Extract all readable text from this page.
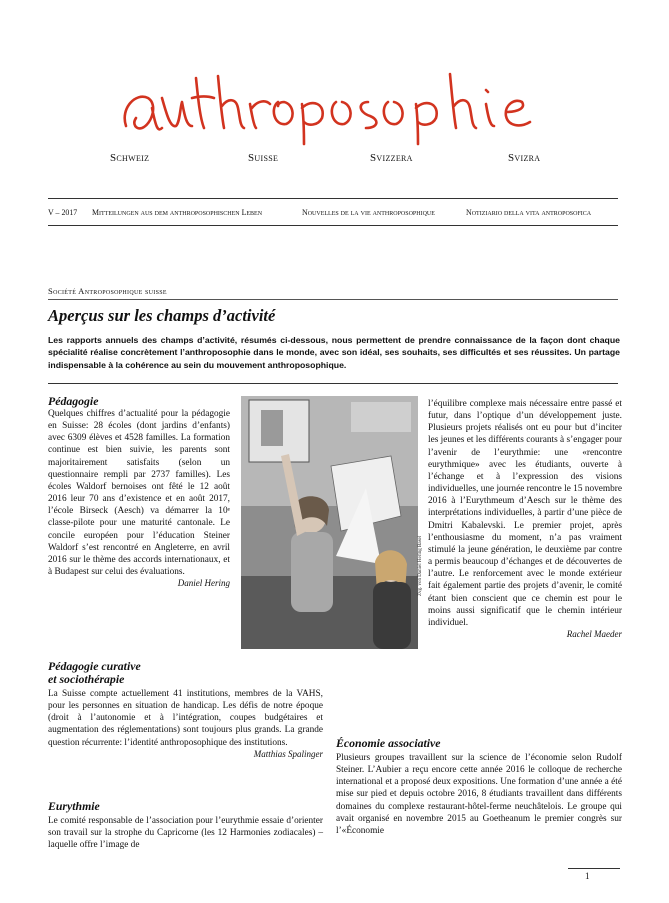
Schweiz	Suisse	Svizzera	Svizra
V – 2017 Mitteilungen aus dem anthroposophischen Leben	Nouvelles de la vie anthroposophique	Notiziario della vita antroposofica
Société Antroposophique suisse
Aperçus sur les champs d’activité

Les rapports annuels des champs d’activité, résumés ci-dessous, nous permettent de prendre connaissance de la façon dont chaque spécialité réalise concrètement l’anthroposophie dans le monde, avec son idéal, ses souhaits, ses difficultés et ses réussites. Un partage indispensable à la cohérence au sein du mouvement anthroposophique.

Pédagogie

Quelques chiffres d’actualité pour la pédagogie en Suisse: 28 écoles (dont jardins d’enfants) avec 6309 élèves et 4528 familles. La formation continue est bien suivie, les parents sont majoritairement satisfaits (selon un questionnaire rempli par 2737 familles). Les écoles Waldorf bernoises ont fêté le 12 août 2016 leur 70 ans d’existence et en août 2017, l’école Birseck (Aesch) va démarrer la 10ᵉ classe-pilote pour une maturité cantonale. Le concile européen pour l’éducation Steiner Waldorf s’est rencontré en Angleterre, en avril 2016 sur le thème des accords internationaux, et à Budapest sur celui des évaluations.

Daniel Hering	Zvg. von Daniel Hering Basel

l’équilibre complexe mais nécessaire entre passé et futur, dans l’optique d’un développement juste. Plusieurs projets réalisés ont eu pour but d’inciter les jeunes et les différents courants à s’engager pour l’avenir de l’eurythmie: une «rencontre eurythmique» avec les étudiants, ouverte à l’échange et à l’expression des visions individuelles, une journée rencontre le 15 novembre 2016 à l’Eurythmeum d’Aesch sur le thème des interprétations individuelles, à partir d’une pièce de Dmitri Kabalevski. Le premier projet, après l’enthousiasme du moment, n’a pas vraiment stimulé la jeune génération, le deuxième par contre a permis beaucoup d’échanges et de découvertes de l’autre. Le renforcement avec le monde extérieur fait également partie des projets d’avenir, le comité étant bien conscient que ce chemin est pour le moins aussi significatif que le chemin intérieur individuel.

Rachel Maeder

Pédagogie curative
et sociothérapie

La Suisse compte actuellement 41 institutions, membres de la VAHS, pour les personnes en situation de handicap. Les défis de notre époque (droit à l’autonomie et à l’intégration, coupes budgétaires et augmentation des réglementations) sont toujours plus grands. La grande question récurrente: l’identité anthroposophique des institutions.

Matthias Spalinger

Eurythmie

Le comité responsable de l’association pour l’eurythmie essaie d’orienter son travail sur la strophe du Capricorne (les 12 Harmonies zodiacales) – laquelle offre l’image de

Économie associative

Plusieurs groupes travaillent sur la science de l’économie selon Rudolf Steiner. L’Aubier a reçu encore cette année 2016 le colloque de recherche international et a proposé deux expositions. Une formation d’une année a été mise sur pied et depuis octobre 2016, 8 étudiants travaillent dans différents domaines du complexe restaurant-hôtel-ferme neuchâtelois. Le groupe qui avait organisé en novembre 2015 au Goetheanum le premier congrès sur l’«Économie

1
